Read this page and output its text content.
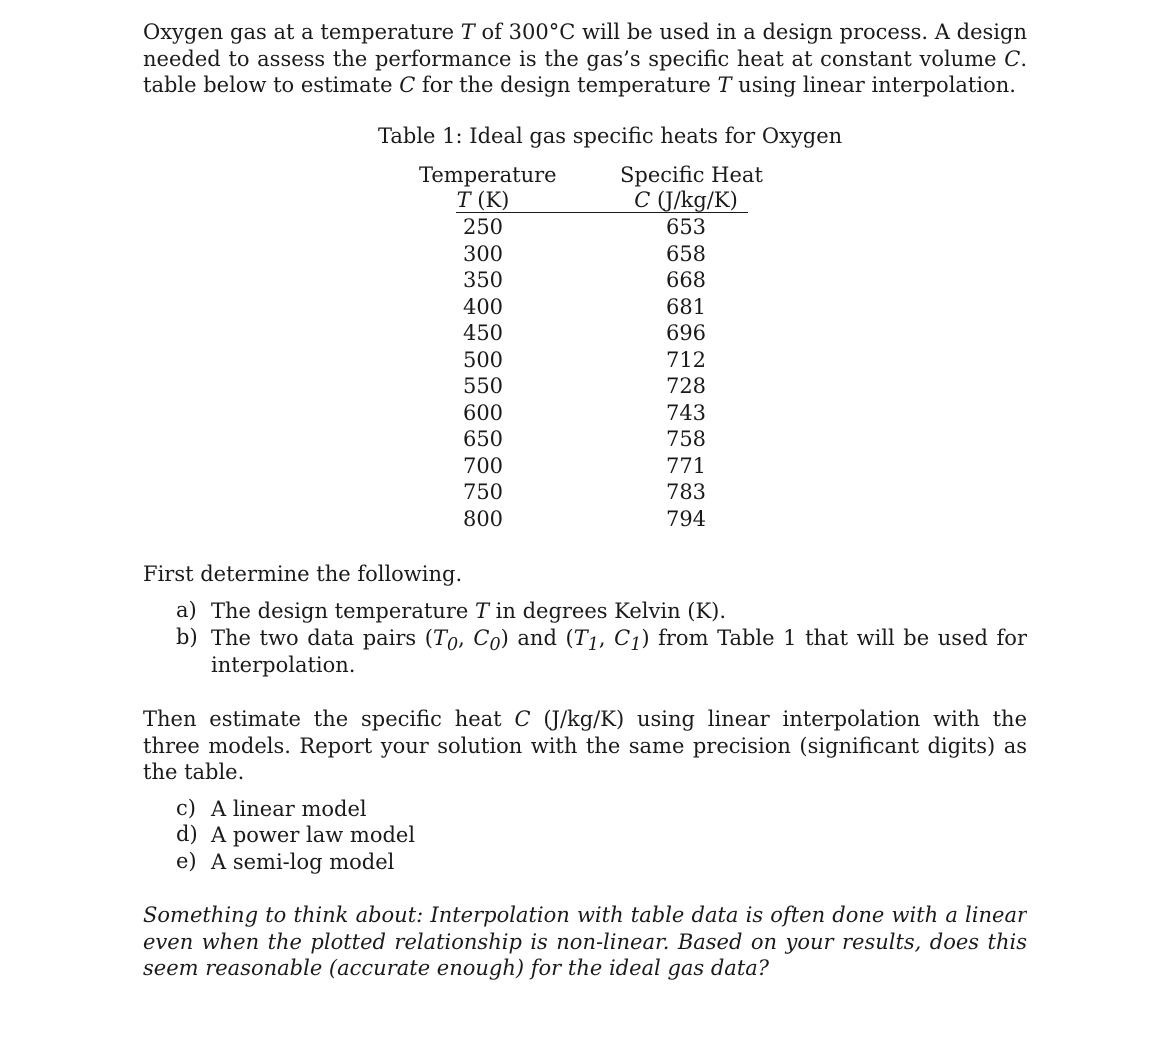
Oxygen gas at a temperature T of 300°C will be used in a design process. A design
needed to assess the performance is the gas’s specific heat at constant volume C.
table below to estimate C for the design temperature T using linear interpolation.
Table 1: Ideal gas specific heats for Oxygen
Temperature
T (K)
Specific Heat
C (J/kg/K)
250	653
300	658
350	668
400	681
450	696
500	712
550	728
600	743
650	758
700	771
750	783
800	794
First determine the following.
a) The design temperature T in degrees Kelvin (K).
b) The two data pairs ($T_0$, $C_0$) and ($T_1$, $C_1$) from Table 1 that will be used for
interpolation.
Then estimate the specific heat C (J/kg/K) using linear interpolation with the
three models. Report your solution with the same precision (significant digits) as
the table.
c) A linear model
d) A power law model
e) A semi-log model
Something to think about: Interpolation with table data is often done with a linear
even when the plotted relationship is non-linear. Based on your results, does this
seem reasonable (accurate enough) for the ideal gas data?
